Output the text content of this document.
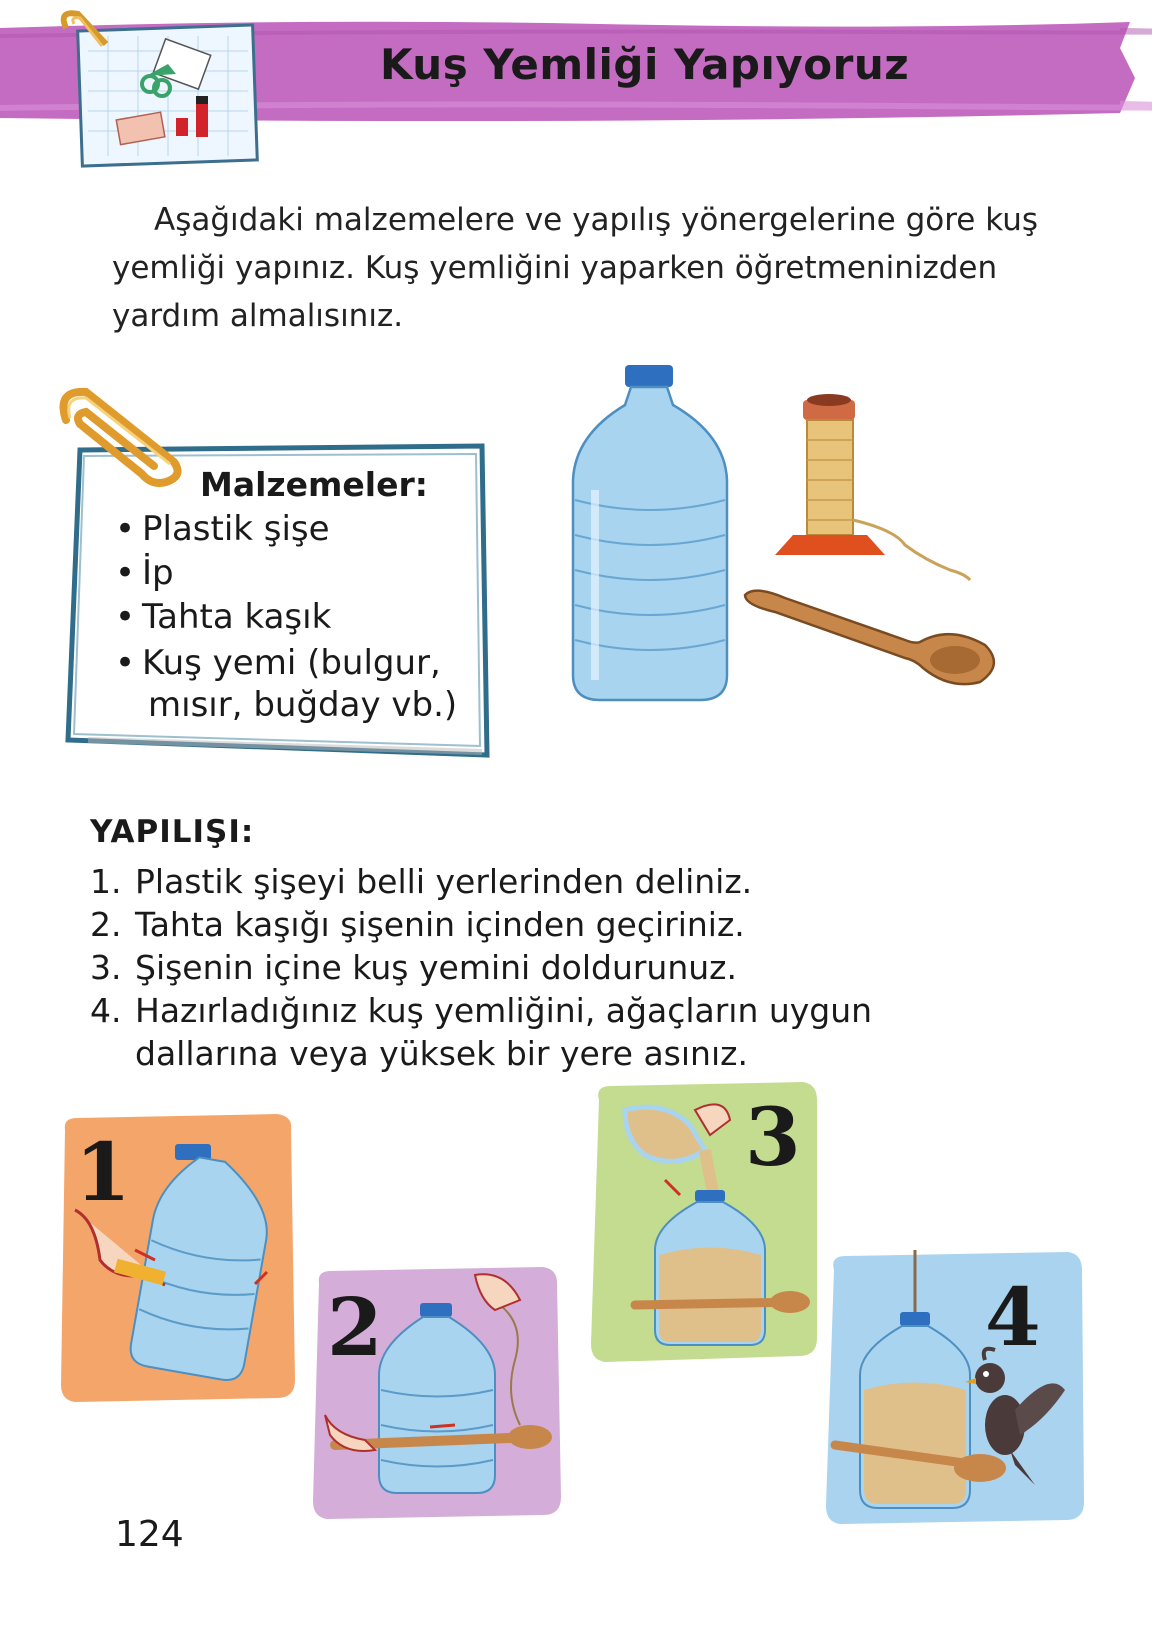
Kuş Yemliği Yapıyoruz
Aşağıdaki malzemelere ve yapılış yönergelerine göre kuş
yemliği yapınız. Kuş yemliğini yaparken öğretmeninizden
yardım almalısınız.
Malzemeler:
• Plastik şişe
• İp
• Tahta kaşık
• Kuş yemi (bulgur,
mısır, buğday vb.)
YAPILIŞI:
1. Plastik şişeyi belli yerlerinden deliniz.
2. Tahta kaşığı şişenin içinden geçiriniz.
3. Şişenin içine kuş yemini doldurunuz.
4. Hazırladığınız kuş yemliğini, ağaçların uygun
dallarına veya yüksek bir yere asınız.
1
2
3
4
124
